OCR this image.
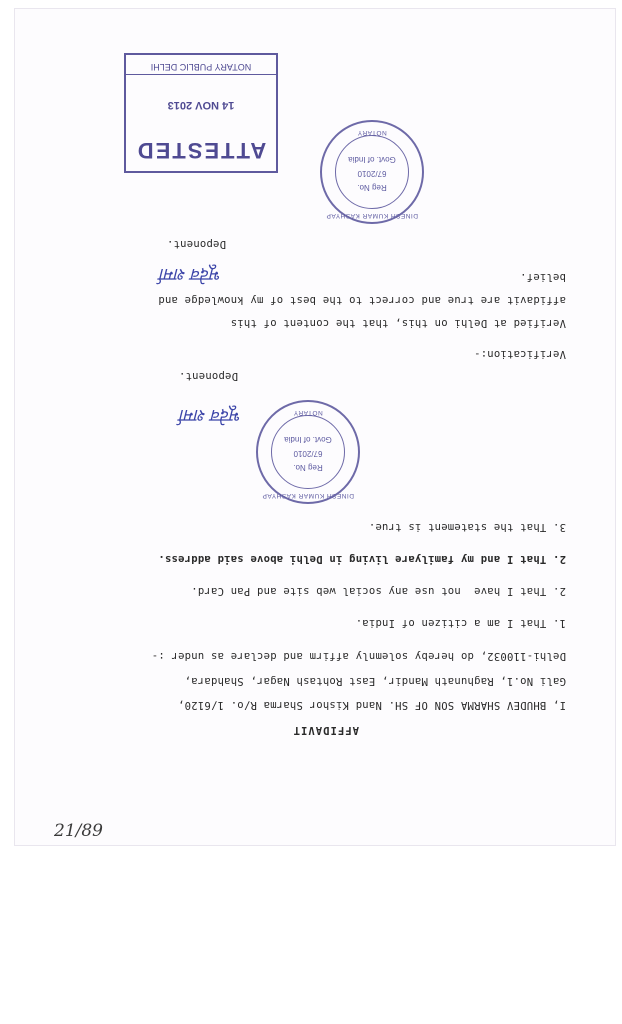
AFFIDAVIT
I, BHUDEV SHARMA SON OF SH. Nand Kishor Sharma R/o. 1/6120,
Gali No.1, Raghunath Mandir, East Rohtash Nagar, Shahdara,
Delhi-110032, do hereby solemnly affirm and declare as under :-
1. That I am a citizen of India.
2. That I have  not use any social web site and Pan Card.
2. That I and my familyare living in Delhi above said address.
3. That the statement is true.
DINESH KUMAR KASHYAP
Reg No.
67/2010
Govt. of India
NOTARY
भूदेव शर्मा
Deponent.
Verification:-
Verified at Delhi on this, that the content of this
affidavit are true and correct to the best of my knowledge and
belief.
भूदेव शर्मा
Deponent.
DINESH KUMAR KASHYAP
Reg No.
67/2010
Govt. of India
NOTARY
ATTESTED
14 NOV 2013
NOTARY PUBLIC DELHI
21/89
